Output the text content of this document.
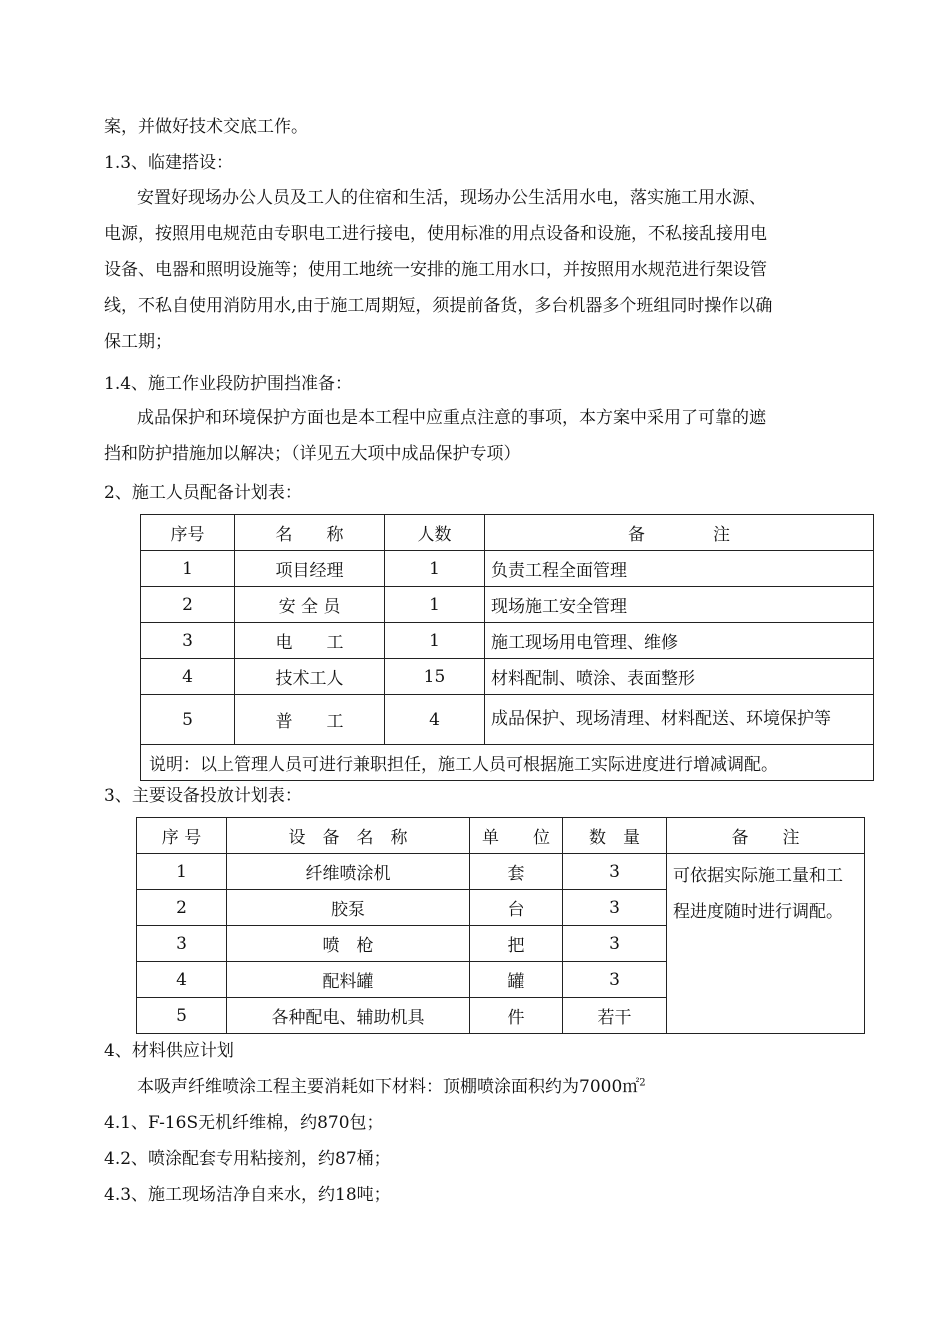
案，并做好技术交底工作。
1.3、临建搭设：
安置好现场办公人员及工人的住宿和生活，现场办公生活用水电，落实施工用水源、
电源，按照用电规范由专职电工进行接电，使用标准的用点设备和设施，不私接乱接用电
设备、电器和照明设施等；使用工地统一安排的施工用水口，并按照用水规范进行架设管
线，不私自使用消防用水,由于施工周期短，须提前备货，多台机器多个班组同时操作以确
保工期；
1.4、施工作业段防护围挡准备：
成品保护和环境保护方面也是本工程中应重点注意的事项，本方案中采用了可靠的遮
挡和防护措施加以解决；（详见五大项中成品保护专项）
2、施工人员配备计划表：
序号	名　　称	人数	备　　　　注
1	项目经理	1	负责工程全面管理
2	安 全 员	1	现场施工安全管理
3	电　　工	1	施工现场用电管理、维修
4	技术工人	15	材料配制、喷涂、表面整形
5	普　　工	4	成品保护、现场清理、材料配送、环境保护等
说明：以上管理人员可进行兼职担任，施工人员可根据施工实际进度进行增减调配。			
3、主要设备投放计划表：
序 号	设　备　名　称	单　　位	数　量	备　　注
1	纤维喷涂机	套	3	可依据实际施工量和工程进度随时进行调配。
2	胶泵	台	3	
3	喷　枪	把	3	
4	配料罐	罐	3	
5	各种配电、辅助机具	件	若干	
4、材料供应计划
本吸声纤维喷涂工程主要消耗如下材料：顶棚喷涂面积约为7000㎡$^2$
4.1、F-16S无机纤维棉，约870包；
4.2、喷涂配套专用粘接剂，约87桶；
4.3、施工现场洁净自来水，约18吨；
